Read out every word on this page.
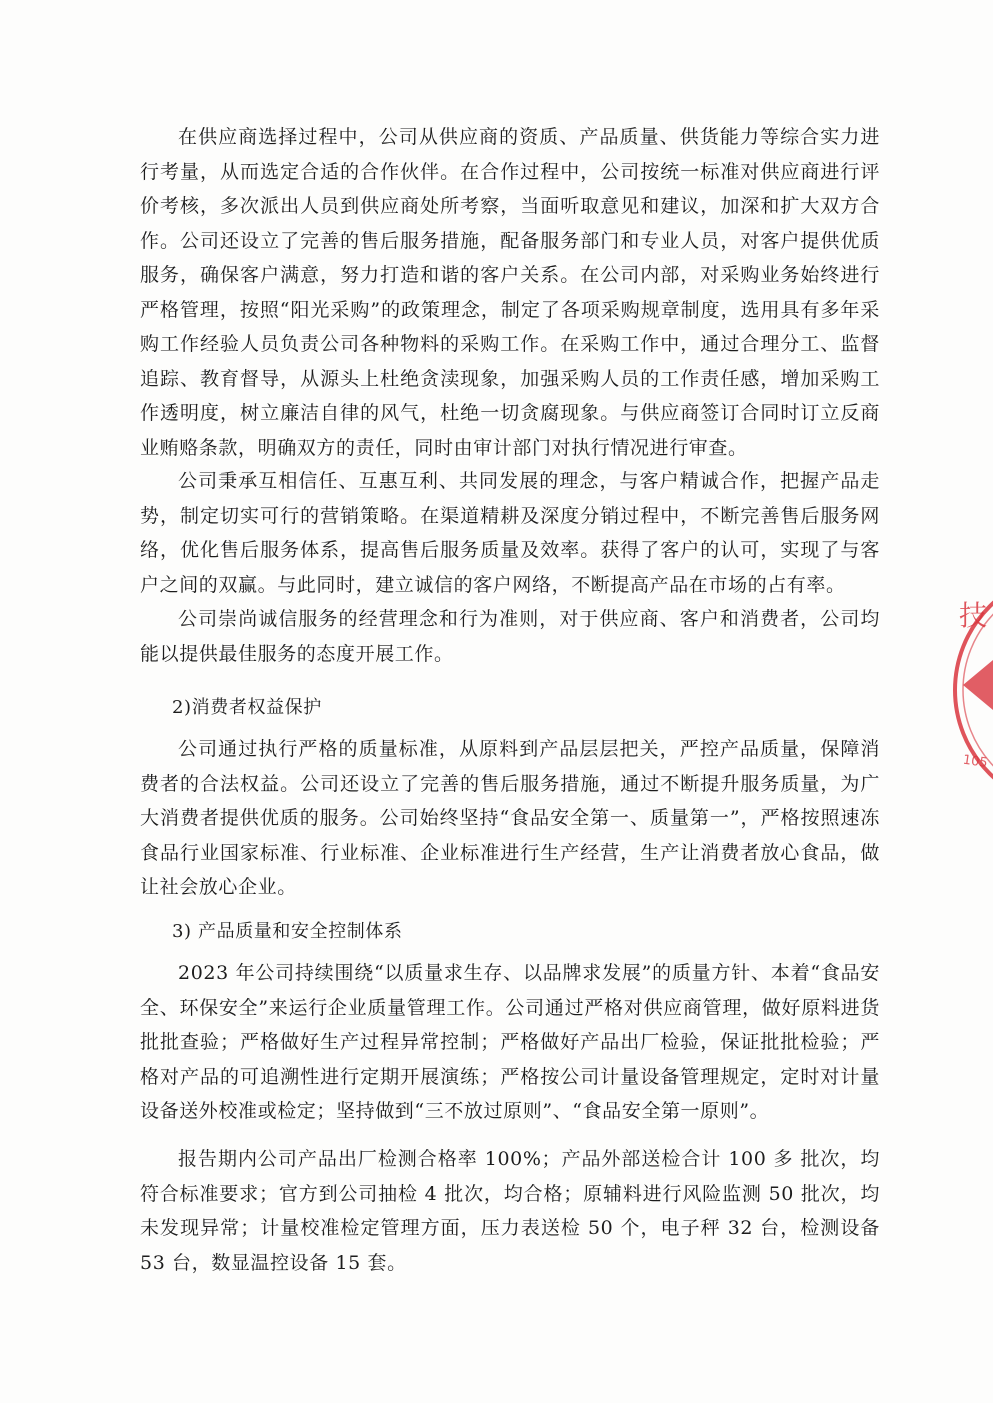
在供应商选择过程中，公司从供应商的资质、产品质量、供货能力等综合实力进行考量，从而选定合适的合作伙伴。在合作过程中，公司按统一标准对供应商进行评价考核，多次派出人员到供应商处所考察，当面听取意见和建议，加深和扩大双方合作。公司还设立了完善的售后服务措施，配备服务部门和专业人员，对客户提供优质服务，确保客户满意，努力打造和谐的客户关系。在公司内部，对采购业务始终进行严格管理，按照“阳光采购”的政策理念，制定了各项采购规章制度，选用具有多年采购工作经验人员负责公司各种物料的采购工作。在采购工作中，通过合理分工、监督追踪、教育督导，从源头上杜绝贪渎现象，加强采购人员的工作责任感，增加采购工作透明度，树立廉洁自律的风气，杜绝一切贪腐现象。与供应商签订合同时订立反商业贿赂条款，明确双方的责任，同时由审计部门对执行情况进行审查。

公司秉承互相信任、互惠互利、共同发展的理念，与客户精诚合作，把握产品走势，制定切实可行的营销策略。在渠道精耕及深度分销过程中，不断完善售后服务网络，优化售后服务体系，提高售后服务质量及效率。获得了客户的认可，实现了与客户之间的双赢。与此同时，建立诚信的客户网络，不断提高产品在市场的占有率。

公司崇尚诚信服务的经营理念和行为准则，对于供应商、客户和消费者，公司均能以提供最佳服务的态度开展工作。

2)消费者权益保护

公司通过执行严格的质量标准，从原料到产品层层把关，严控产品质量，保障消费者的合法权益。公司还设立了完善的售后服务措施，通过不断提升服务质量，为广大消费者提供优质的服务。公司始终坚持“食品安全第一、质量第一”，严格按照速冻食品行业国家标准、行业标准、企业标准进行生产经营，生产让消费者放心食品，做让社会放心企业。

3) 产品质量和安全控制体系

2023 年公司持续围绕“以质量求生存、以品牌求发展”的质量方针、本着“食品安全、环保安全”来运行企业质量管理工作。公司通过严格对供应商管理，做好原料进货批批查验；严格做好生产过程异常控制；严格做好产品出厂检验，保证批批检验；严格对产品的可追溯性进行定期开展演练；严格按公司计量设备管理规定，定时对计量设备送外校准或检定；坚持做到“三不放过原则”、“食品安全第一原则”。

报告期内公司产品出厂检测合格率 100%；产品外部送检合计 100 多 批次，均符合标准要求；官方到公司抽检 4 批次，均合格；原辅料进行风险监测 50 批次，均未发现异常；计量校准检定管理方面，压力表送检 50 个，电子秤 32 台，检测设备 53 台，数显温控设备 15 套。

技
105
